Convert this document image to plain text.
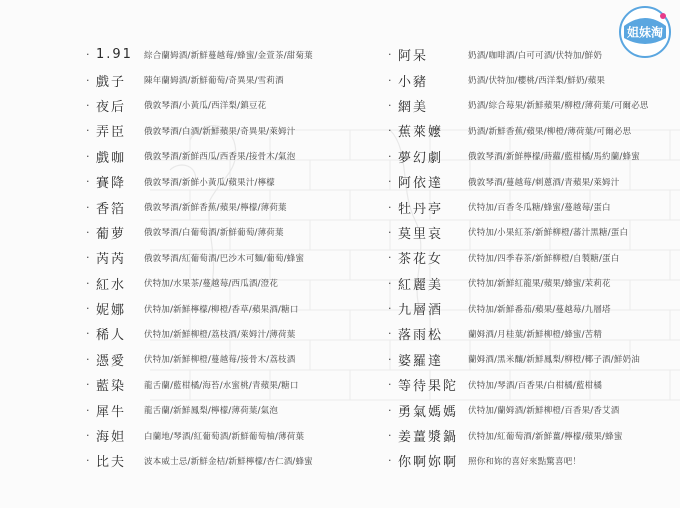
姐妹淘
· 1.91	綜合蘭姆酒/新鮮蔓越莓/蜂蜜/金萱茶/甜菊葉
· 戲子	陳年蘭姆酒/新鮮葡萄/奇異果/雪莉酒
· 夜后	俄敦琴酒/小黃瓜/西洋梨/鎮豆花
· 弄臣	俄敦琴酒/白酒/新鮮蘋果/奇異果/萊姆汁
· 戲咖	俄敦琴酒/新鮮西瓜/西香果/接骨木/氣泡
· 賽降	俄敦琴酒/新鮮小黃瓜/蘋果汁/檸檬
· 香箔	俄敦琴酒/新鮮香蕉/蘋果/檸檬/薄荷葉
· 葡萝	俄敦琴酒/白葡萄酒/新鮮葡萄/薄荷葉
· 芮芮	俄敦琴酒/紅葡萄酒/巴沙木可麵/葡萄/蜂蜜
· 紅水	伏特加/水果茶/蔓越莓/西瓜酒/澄花
· 妮娜	伏特加/新鮮檸檬/柳橙/香草/蘋果酒/糖口
· 稀人	伏特加/新鮮柳橙/荔枝酒/萊姆汁/薄荷葉
· 憑愛	伏特加/新鮮柳橙/蔓越莓/接骨木/荔枝酒
· 藍染	龍舌蘭/藍柑橘/海苔/水蜜桃/青蘋果/糖口
· 犀牛	龍舌蘭/新鮮鳳梨/檸檬/薄荷葉/氣泡
· 海妲	白蘭地/琴酒/紅葡萄酒/新鮮葡萄柚/薄荷葉
· 比夫	波本威士忌/新鮮金桔/新鮮檸檬/杏仁酒/蜂蜜
· 阿呆	奶酒/咖啡酒/白可可酒/伏特加/鮮奶
· 小豬	奶酒/伏特加/櫻桃/西洋梨/鮮奶/蘋果
· 網美	奶酒/綜合莓果/新鮮蘋果/柳橙/薄荷葉/可爾必思
· 蕉萊嬤	奶酒/新鮮香蕉/蘋果/柳橙/薄荷葉/可爾必思
· 夢幻劇	俄敦琴酒/新鮮檸檬/蒔蘿/藍柑橘/馬約蘭/蜂蜜
· 阿依達	俄敦琴酒/蔓越莓/刺蔥酒/青蘋果/萊姆汁
· 牡丹亭	伏特加/百香冬瓜糖/蜂蜜/蔓越莓/蛋白
· 莫里哀	伏特加/小果紅茶/新鮮柳橙/蕃汁黑糖/蛋白
· 茶花女	伏特加/四季春茶/新鮮柳橙/自製糖/蛋白
· 紅麗美	伏特加/新鮮紅龍果/蘋果/蜂蜜/茉莉花
· 九層酒	伏特加/新鮮番茄/蘋果/蔓越莓/九層塔
· 落雨松	蘭姆酒/月桂葉/新鮮柳橙/蜂蜜/苦精
· 婆羅達	蘭姆酒/黑米釀/新鮮鳳梨/柳橙/椰子酒/鮮奶油
· 等待果陀	伏特加/琴酒/百香果/白柑橘/藍柑橘
· 勇氣媽媽	伏特加/蘭姆酒/新鮮柳橙/百香果/香艾酒
· 姜薑漿鍋	伏特加/紅葡萄酒/新鮮薑/檸檬/蘋果/蜂蜜
· 你啊妳啊	照你和妳的喜好來點驚喜吧！
